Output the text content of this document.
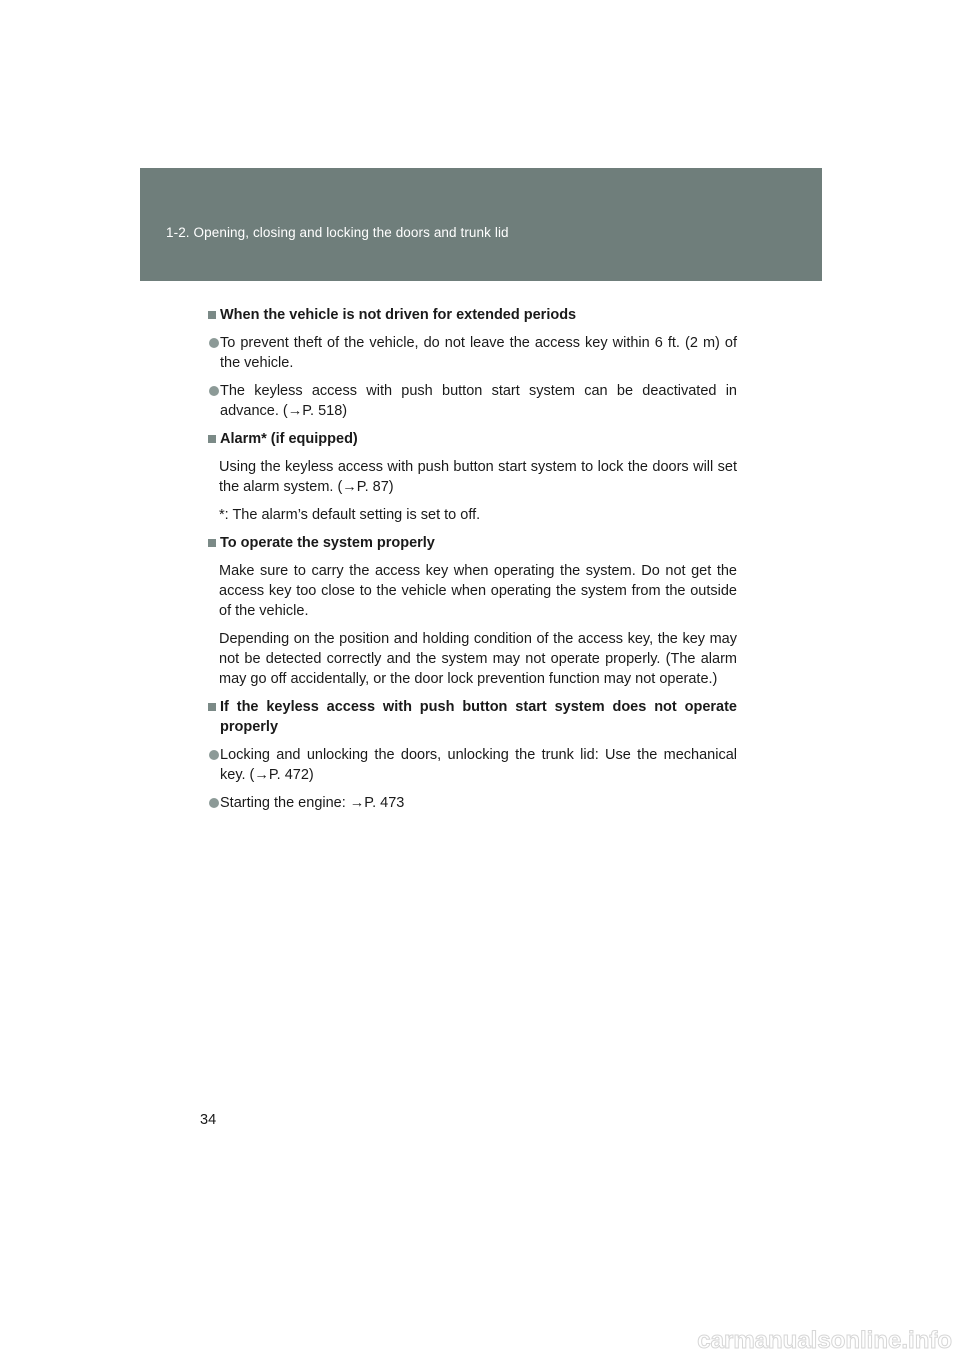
1-2. Opening, closing and locking the doors and trunk lid
When the vehicle is not driven for extended periods
To prevent theft of the vehicle, do not leave the access key within 6 ft. (2 m) of the vehicle.
The keyless access with push button start system can be deactivated in advance. (→P. 518)
Alarm* (if equipped)
Using the keyless access with push button start system to lock the doors will set the alarm system. (→P. 87)
*: The alarm’s default setting is set to off.
To operate the system properly
Make sure to carry the access key when operating the system. Do not get the access key too close to the vehicle when operating the system from the outside of the vehicle.
Depending on the position and holding condition of the access key, the key may not be detected correctly and the system may not operate properly. (The alarm may go off accidentally, or the door lock prevention function may not operate.)
If the keyless access with push button start system does not operate properly
Locking and unlocking the doors, unlocking the trunk lid: Use the mechanical key. (→P. 472)
Starting the engine: →P. 473
34
carmanualsonline.info
